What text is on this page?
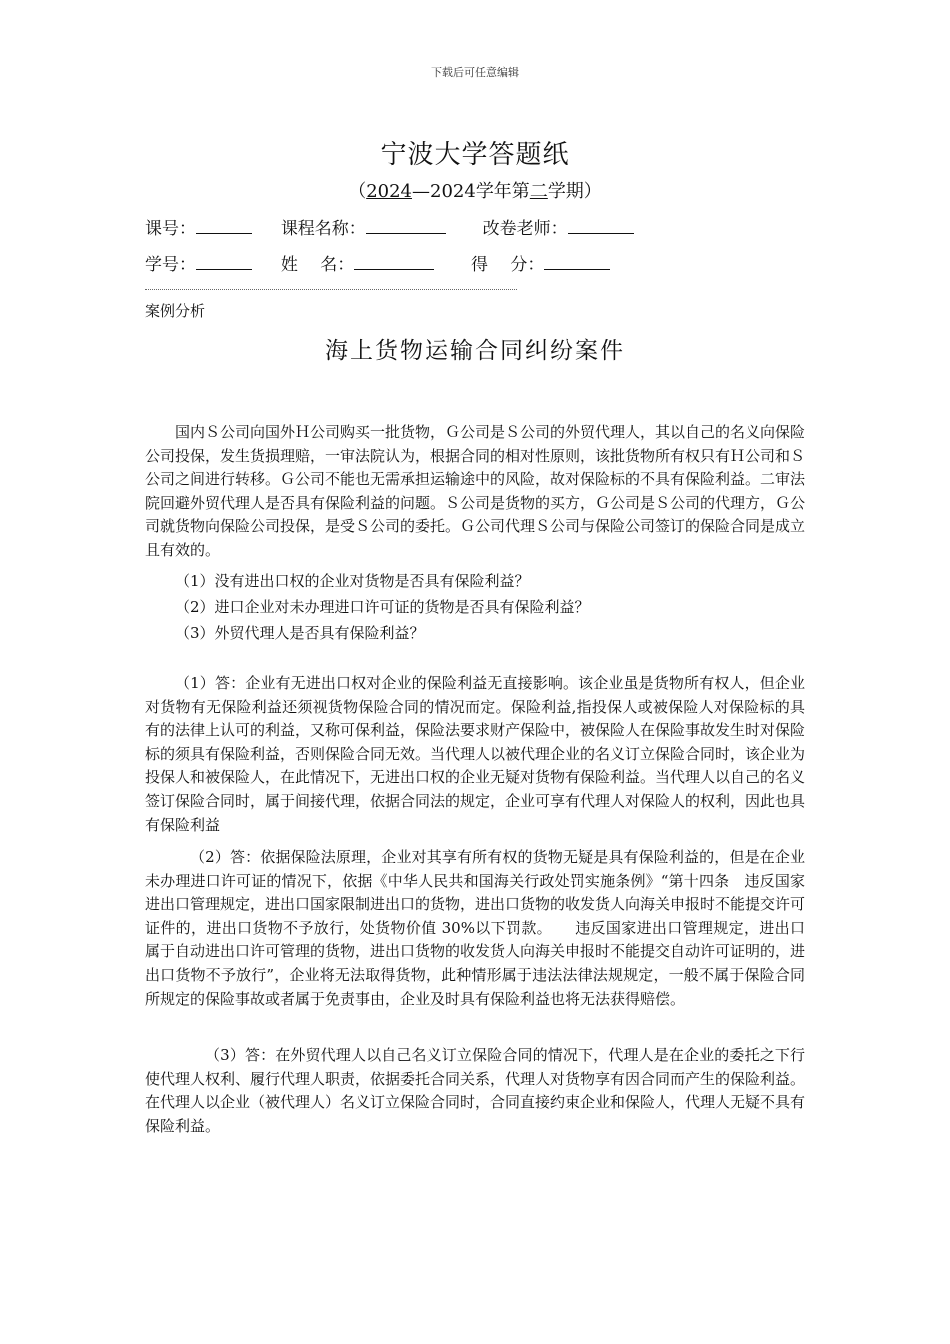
下载后可任意编辑
宁波大学答题纸
（2024—2024学年第二学期）
课号：	课程名称：	改卷老师：
学号：	姓　 名：	得　 分：
案例分析
海上货物运输合同纠纷案件
国内Ｓ公司向国外Ｈ公司购买一批货物，Ｇ公司是Ｓ公司的外贸代理人，其以自己的名义向保险公司投保，发生货损理赔，一审法院认为，根据合同的相对性原则，该批货物所有权只有Ｈ公司和Ｓ公司之间进行转移。Ｇ公司不能也无需承担运输途中的风险，故对保险标的不具有保险利益。二审法院回避外贸代理人是否具有保险利益的问题。Ｓ公司是货物的买方，Ｇ公司是Ｓ公司的代理方，Ｇ公司就货物向保险公司投保，是受Ｓ公司的委托。Ｇ公司代理Ｓ公司与保险公司签订的保险合同是成立且有效的。
（1）没有进出口权的企业对货物是否具有保险利益？
（2）进口企业对未办理进口许可证的货物是否具有保险利益？
（3）外贸代理人是否具有保险利益？
（1）答：企业有无进出口权对企业的保险利益无直接影响。该企业虽是货物所有权人，但企业对货物有无保险利益还须视货物保险合同的情况而定。保险利益,指投保人或被保险人对保险标的具有的法律上认可的利益，又称可保利益，保险法要求财产保险中，被保险人在保险事故发生时对保险标的须具有保险利益，否则保险合同无效。当代理人以被代理企业的名义订立保险合同时，该企业为投保人和被保险人，在此情况下，无进出口权的企业无疑对货物有保险利益。当代理人以自己的名义签订保险合同时，属于间接代理，依据合同法的规定，企业可享有代理人对保险人的权利，因此也具有保险利益
（2）答：依据保险法原理，企业对其享有所有权的货物无疑是具有保险利益的，但是在企业未办理进口许可证的情况下，依据《中华人民共和国海关行政处罚实施条例》“第十四条　违反国家进出口管理规定，进出口国家限制进出口的货物，进出口货物的收发货人向海关申报时不能提交许可证件的，进出口货物不予放行，处货物价值 30%以下罚款。　　违反国家进出口管理规定，进出口属于自动进出口许可管理的货物，进出口货物的收发货人向海关申报时不能提交自动许可证明的，进出口货物不予放行”，企业将无法取得货物，此种情形属于违法法律法规规定，一般不属于保险合同所规定的保险事故或者属于免责事由，企业及时具有保险利益也将无法获得赔偿。
（3）答：在外贸代理人以自己名义订立保险合同的情况下，代理人是在企业的委托之下行使代理人权利、履行代理人职责，依据委托合同关系，代理人对货物享有因合同而产生的保险利益。在代理人以企业（被代理人）名义订立保险合同时，合同直接约束企业和保险人，代理人无疑不具有保险利益。
